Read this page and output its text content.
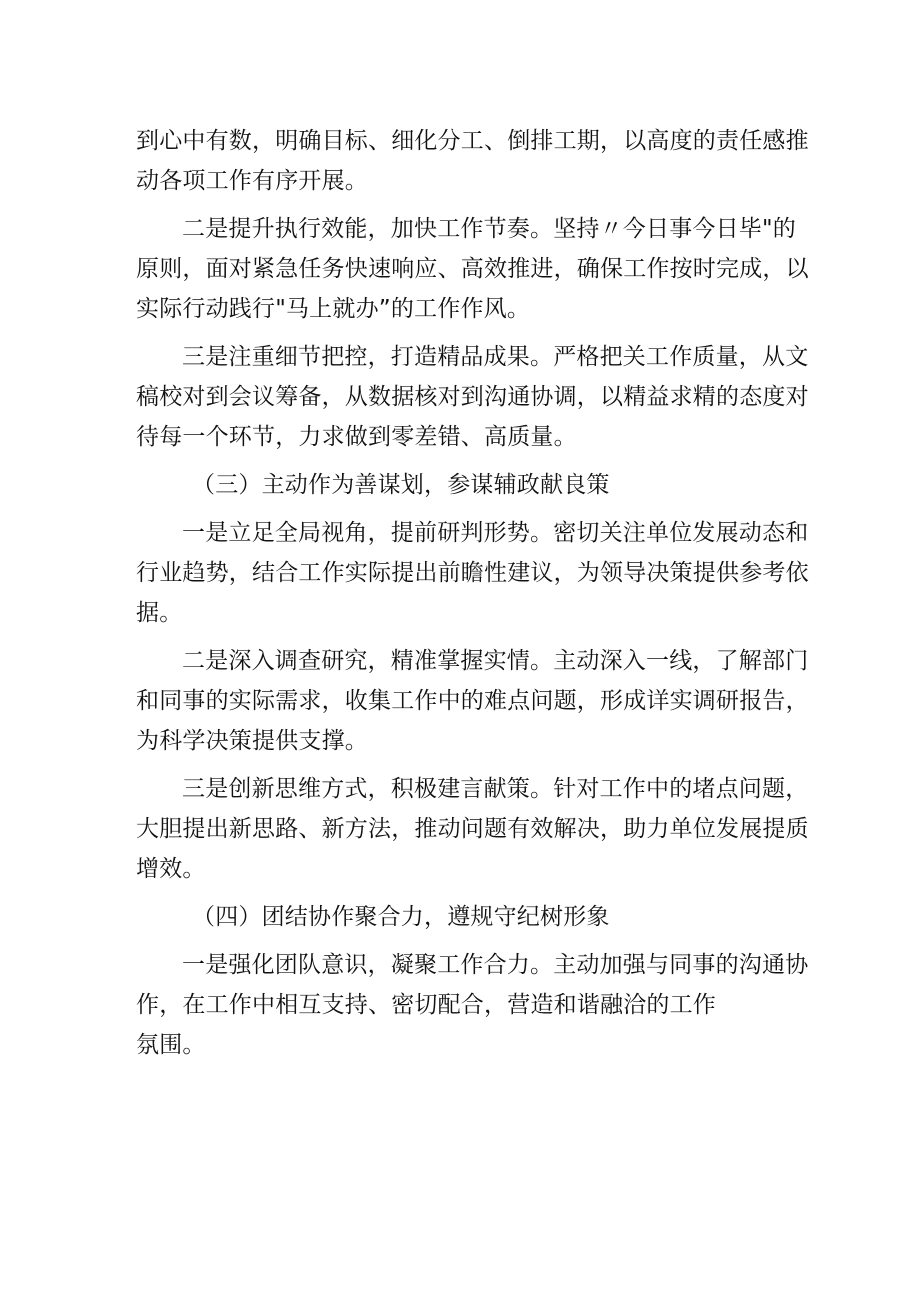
到心中有数，明确目标、细化分工、倒排工期，以高度的责任感推
动各项工作有序开展。
二是提升执行效能，加快工作节奏。坚持〃今日事今日毕"的
原则，面对紧急任务快速响应、高效推进，确保工作按时完成，以
实际行动践行"马上就办”的工作作风。
三是注重细节把控，打造精品成果。严格把关工作质量，从文
稿校对到会议筹备，从数据核对到沟通协调，以精益求精的态度对
待每一个环节，力求做到零差错、高质量。
（三）主动作为善谋划，参谋辅政献良策
一是立足全局视角，提前研判形势。密切关注单位发展动态和
行业趋势，结合工作实际提出前瞻性建议，为领导决策提供参考依
据。
二是深入调查研究，精准掌握实情。主动深入一线，了解部门
和同事的实际需求，收集工作中的难点问题，形成详实调研报告，
为科学决策提供支撑。
三是创新思维方式，积极建言献策。针对工作中的堵点问题，
大胆提出新思路、新方法，推动问题有效解决，助力单位发展提质
增效。
（四）团结协作聚合力，遵规守纪树形象
一是强化团队意识，凝聚工作合力。主动加强与同事的沟通协
作，在工作中相互支持、密切配合，营造和谐融洽的工作
氛围。
